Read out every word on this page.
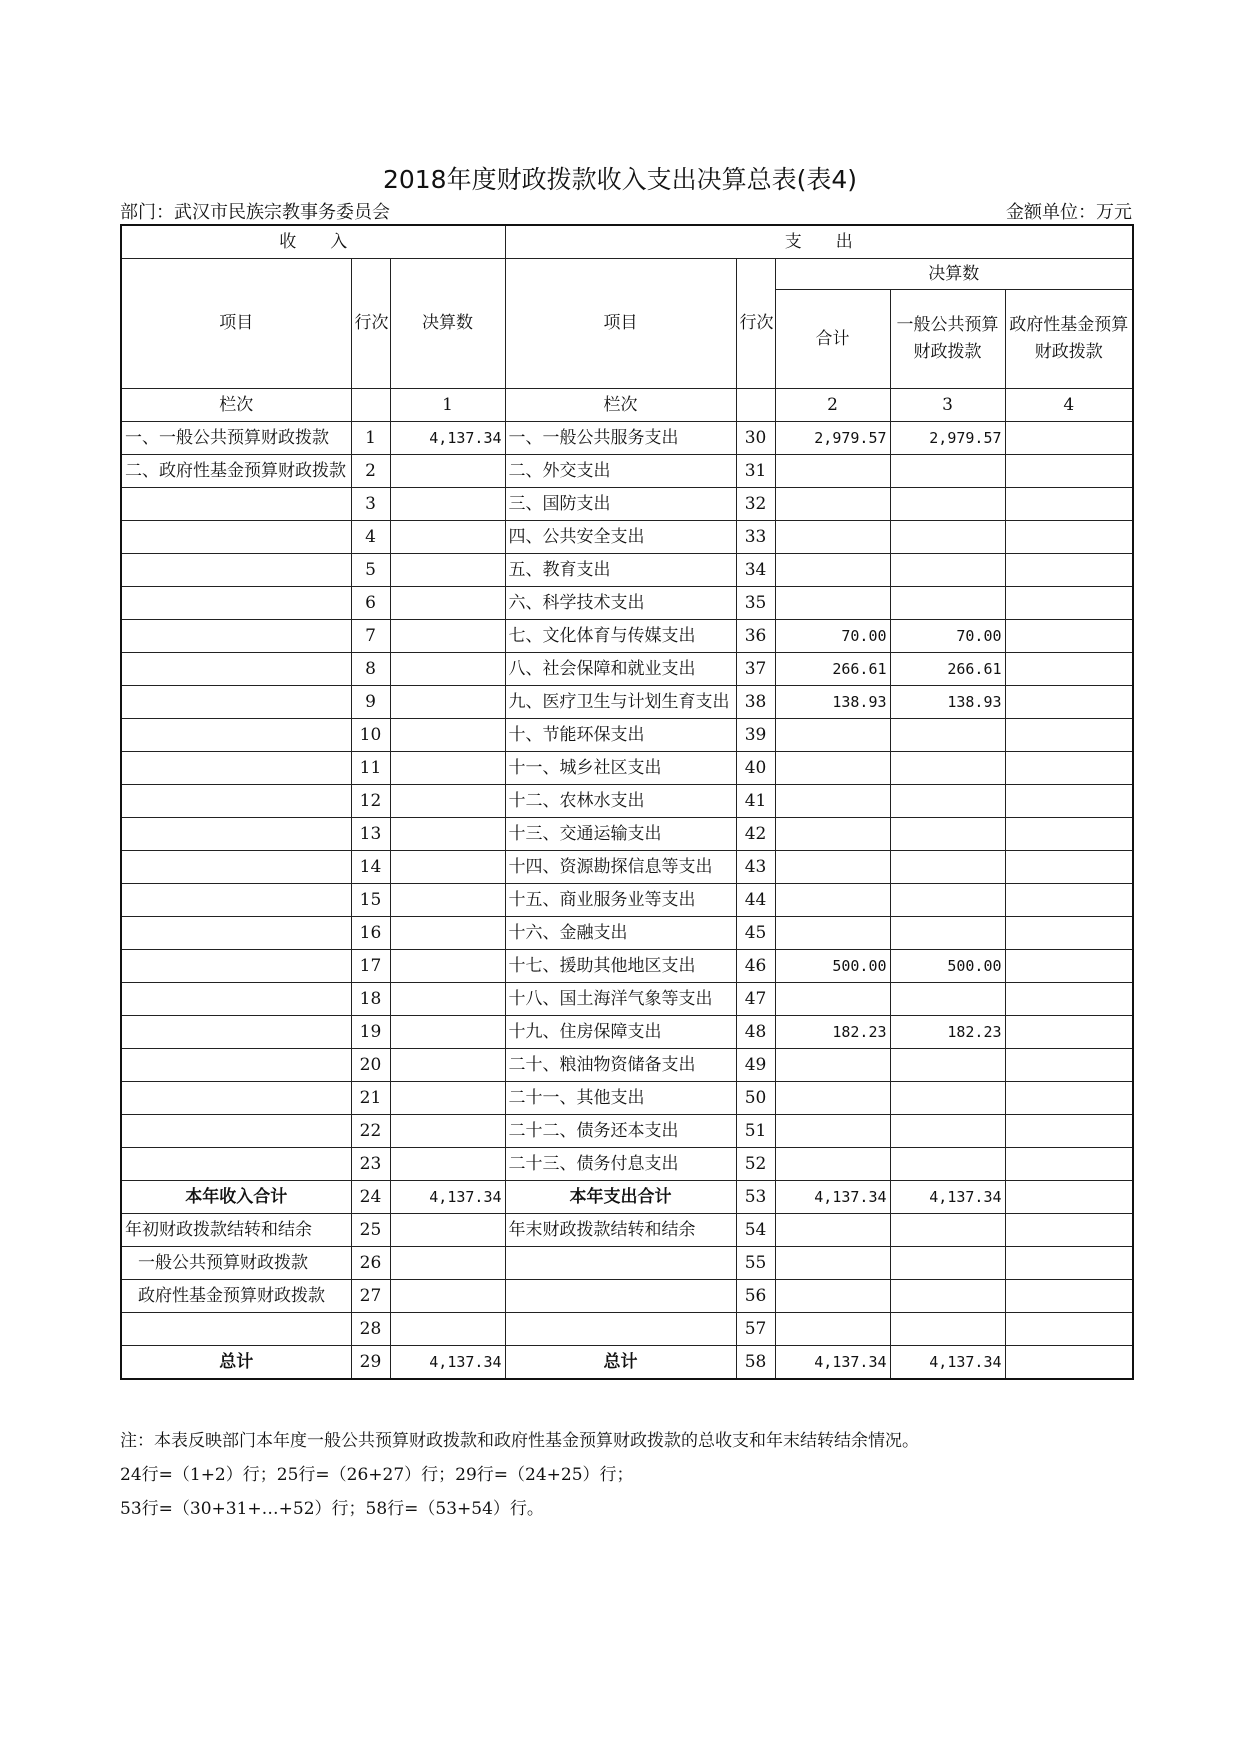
2018年度财政拨款收入支出决算总表(表4)
部门：武汉市民族宗教事务委员会	金额单位：万元
收　　入			支　　出				
项目	行次	决算数	项目	行次	决算数		
					合计	一般公共预算财政拨款	政府性基金预算财政拨款
栏次		1	栏次		2	3	4
一、一般公共预算财政拨款	1	4,137.34	一、一般公共服务支出	30	2,979.57	2,979.57	
二、政府性基金预算财政拨款	2		二、外交支出	31			
	3		三、国防支出	32			
	4		四、公共安全支出	33			
	5		五、教育支出	34			
	6		六、科学技术支出	35			
	7		七、文化体育与传媒支出	36	70.00	70.00	
	8		八、社会保障和就业支出	37	266.61	266.61	
	9		九、医疗卫生与计划生育支出	38	138.93	138.93	
	10		十、节能环保支出	39			
	11		十一、城乡社区支出	40			
	12		十二、农林水支出	41			
	13		十三、交通运输支出	42			
	14		十四、资源勘探信息等支出	43			
	15		十五、商业服务业等支出	44			
	16		十六、金融支出	45			
	17		十七、援助其他地区支出	46	500.00	500.00	
	18		十八、国土海洋气象等支出	47			
	19		十九、住房保障支出	48	182.23	182.23	
	20		二十、粮油物资储备支出	49			
	21		二十一、其他支出	50			
	22		二十二、债务还本支出	51			
	23		二十三、债务付息支出	52			
本年收入合计	24	4,137.34	本年支出合计	53	4,137.34	4,137.34	
年初财政拨款结转和结余	25		年末财政拨款结转和结余	54			
一般公共预算财政拨款	26			55			
政府性基金预算财政拨款	27			56			
	28			57			
总计	29	4,137.34	总计	58	4,137.34	4,137.34	
注：本表反映部门本年度一般公共预算财政拨款和政府性基金预算财政拨款的总收支和年末结转结余情况。
24行=（1+2）行；25行=（26+27）行；29行=（24+25）行；
53行=（30+31+…+52）行；58行=（53+54）行。
